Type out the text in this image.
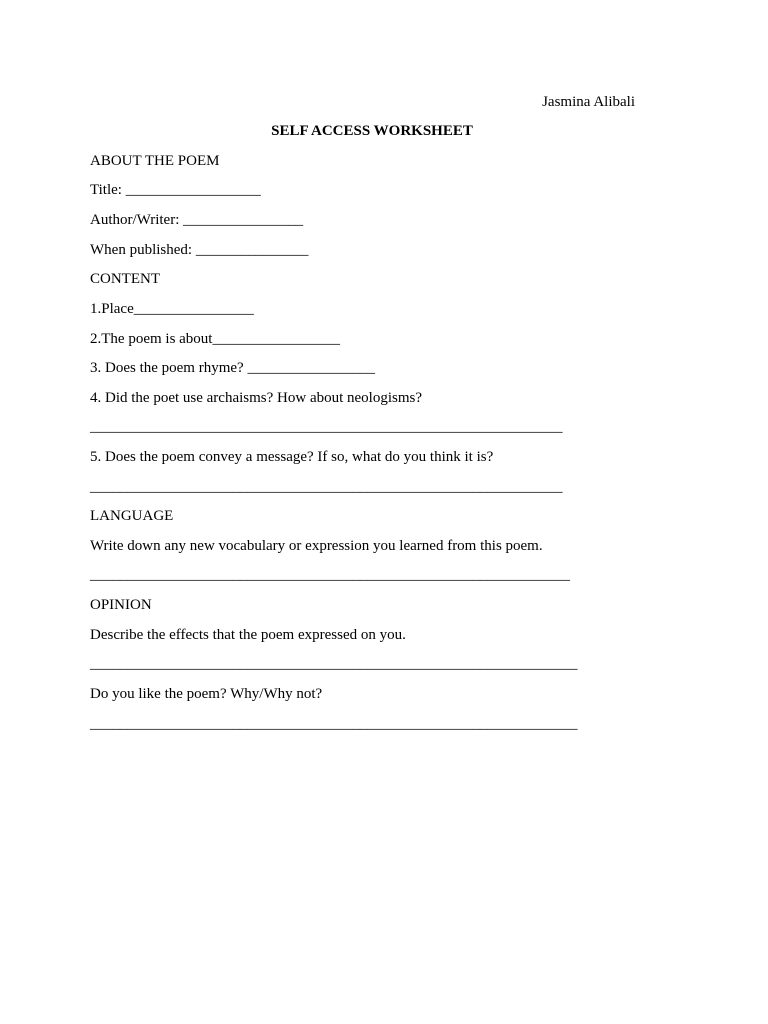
Jasmina Alibali
SELF ACCESS WORKSHEET
ABOUT THE POEM
Title: __________________
Author/Writer: ________________
When published: _______________
CONTENT
1.Place________________
2.The poem is about_________________
3. Does the poem rhyme? _________________
4. Did the poet use archaisms? How about neologisms?
_______________________________________________________________
5. Does the poem convey a message? If so, what do you think it is?
_______________________________________________________________
LANGUAGE
Write down any new vocabulary or expression you learned from this poem.
________________________________________________________________
OPINION
Describe the effects that the poem expressed on you.
_________________________________________________________________
Do you like the poem? Why/Why not?
_________________________________________________________________
